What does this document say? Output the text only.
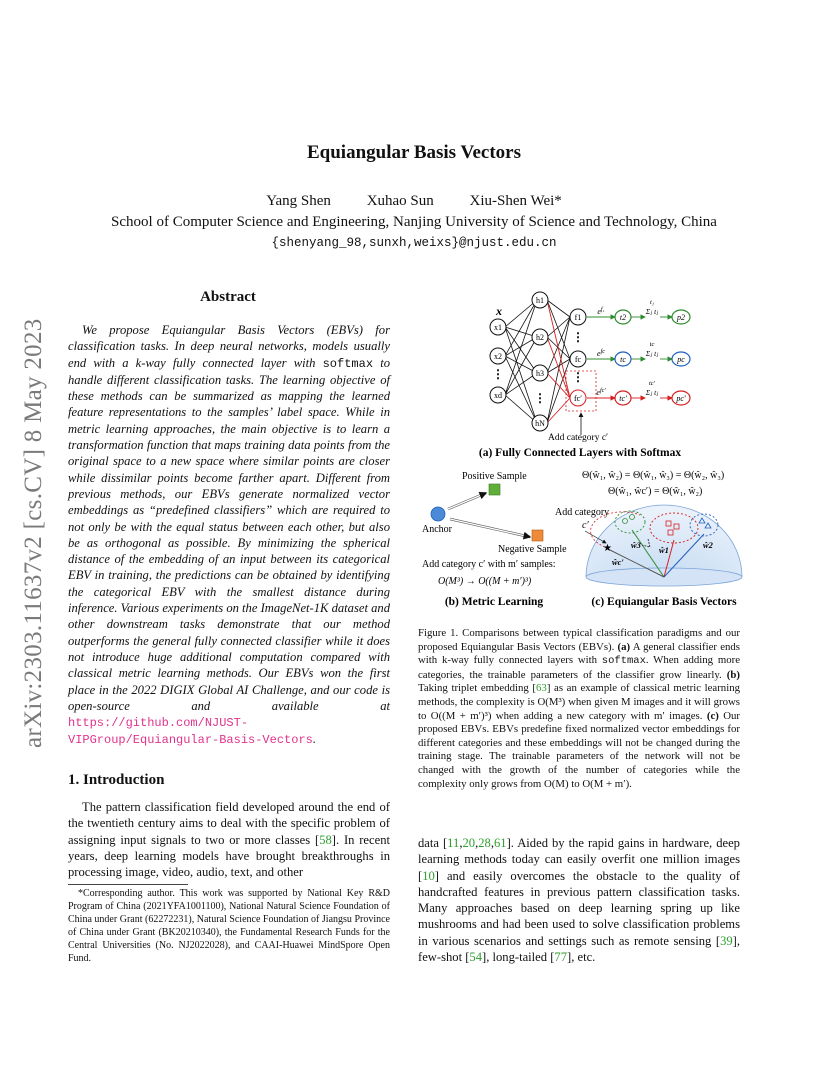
Equiangular Basis Vectors
Yang Shen Xuhao Sun Xiu-Shen Wei*
School of Computer Science and Engineering, Nanjing University of Science and Technology, China
{shenyang_98,sunxh,weixs}@njust.edu.cn
arXiv:2303.11637v2 [cs.CV] 8 May 2023
Abstract
We propose Equiangular Basis Vectors (EBVs) for classification tasks. In deep neural networks, models usually end with a k-way fully connected layer with softmax to handle different classification tasks. The learning objective of these methods can be summarized as mapping the learned feature representations to the samples’ label space. While in metric learning approaches, the main objective is to learn a transformation function that maps training data points from the original space to a new space where similar points are closer while dissimilar points become farther apart. Different from previous methods, our EBVs generate normalized vector embeddings as “predefined classifiers” which are required to not only be with the equal status between each other, but also be as orthogonal as possible. By minimizing the spherical distance of the embedding of an input between its categorical EBV in training, the predictions can be obtained by identifying the categorical EBV with the smallest distance during inference. Various experiments on the ImageNet-1K dataset and other downstream tasks demonstrate that our method outperforms the general fully connected classifier while it does not introduce huge additional computation compared with classical metric learning methods. Our EBVs won the first place in the 2022 DIGIX Global AI Challenge, and our code is open-source and available at https://github.com/NJUST-VIPGroup/Equiangular-Basis-Vectors.
1. Introduction
The pattern classification field developed around the end of the twentieth century aims to deal with the specific problem of assigning input signals to two or more classes [58]. In recent years, deep learning models have brought breakthroughs in processing image, video, audio, text, and other
*Corresponding author. This work was supported by National Key R&D Program of China (2021YFA1001100), National Natural Science Foundation of China under Grant (62272231), Natural Science Foundation of Jiangsu Province of China under Grant (BK20210340), the Fundamental Research Funds for the Central Universities (No. NJ2022028), and CAAI-Huawei MindSpore Open Fund.
x
x1
x2
xd
h1
h2
h3
hN
f1
fc
fc′
⋮
⋮
⋮
⋮
Add category c′
$e^{f_1}$
$e^{fc}$
$e^{fc'}$
t₁
Σⱼ tⱼ
tc
Σⱼ tⱼ
tc′
Σⱼ tⱼ
t2
tc
tc′
p2
pc
pc′
(a) Fully Connected Layers with Softmax
Positive Sample
Anchor
Negative Sample
Add category c′ with m′ samples:
O(M³) → O((M + m′)³)
(b) Metric Learning
Θ(ŵ₁, ŵ₂) = Θ(ŵ₁, ŵ₃) = Θ(ŵ₂, ŵ₃)
Θ(ŵ₁, ŵc′) = Θ(ŵ₁, ŵ₂)
★
Add category
c′
ŵ3 ŵ1	ŵ2
ŵc′
(c) Equiangular Basis Vectors
Figure 1. Comparisons between typical classification paradigms and our proposed Equiangular Basis Vectors (EBVs). (a) A general classifier ends with k-way fully connected layers with softmax. When adding more categories, the trainable parameters of the classifier grow linearly. (b) Taking triplet embedding [63] as an example of classical metric learning methods, the complexity is O(M³) when given M images and it will grows to O((M + m′)³) when adding a new category with m′ images. (c) Our proposed EBVs. EBVs predefine fixed normalized vector embeddings for different categories and these embeddings will not be changed during the training stage. The trainable parameters of the network will not be changed with the growth of the number of categories while the complexity only grows from O(M) to O(M + m′).
data [11,20,28,61]. Aided by the rapid gains in hardware, deep learning methods today can easily overfit one million images [10] and easily overcomes the obstacle to the quality of handcrafted features in previous pattern classification tasks. Many approaches based on deep learning spring up like mushrooms and had been used to solve classification problems in various scenarios and settings such as remote sensing [39], few-shot [54], long-tailed [77], etc.
